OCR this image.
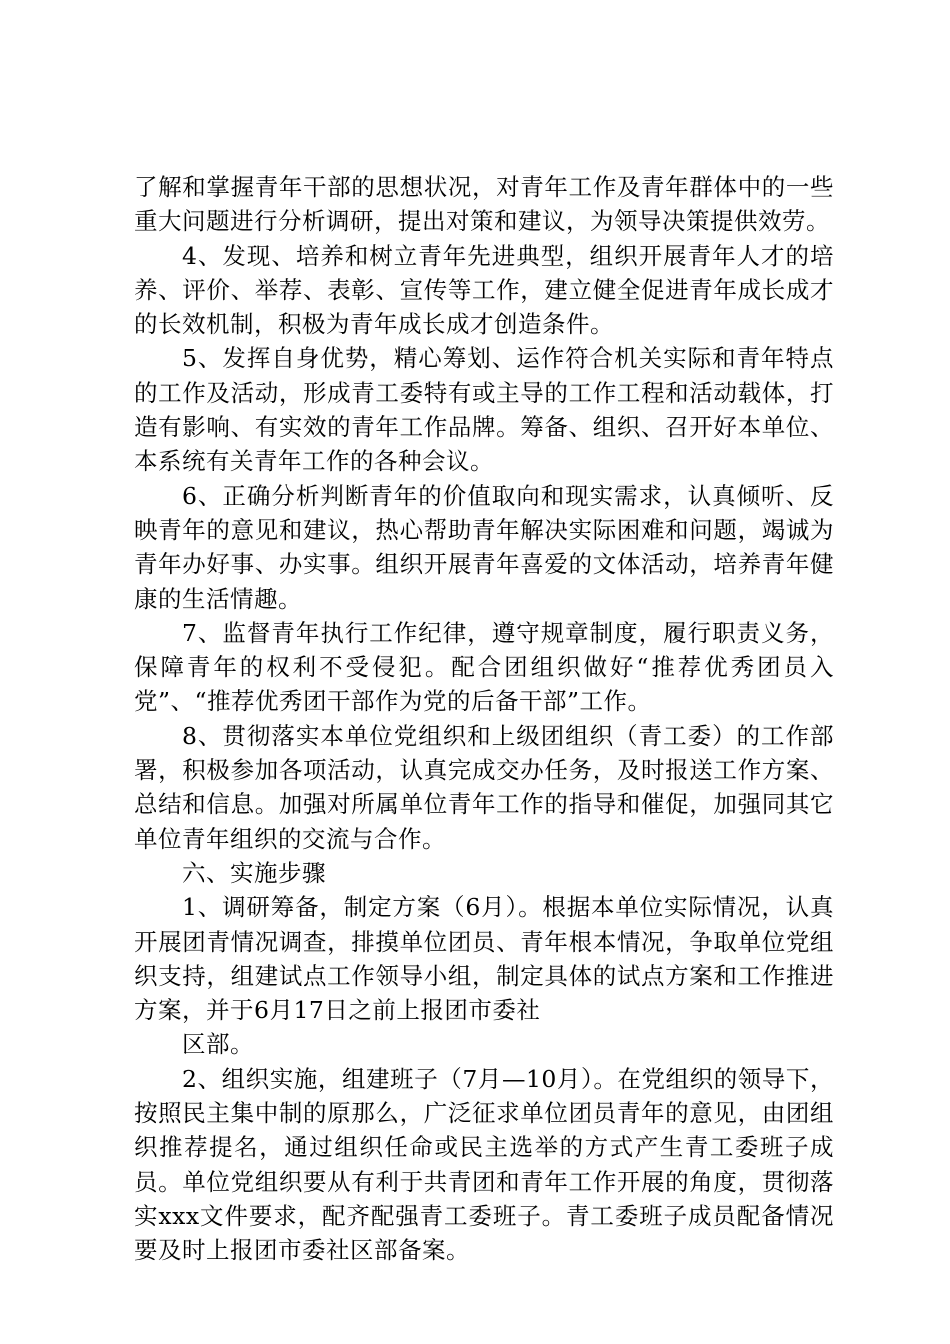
了解和掌握青年干部的思想状况，对青年工作及青年群体中的一些重大问题进行分析调研，提出对策和建议，为领导决策提供效劳。

4、发现、培养和树立青年先进典型，组织开展青年人才的培养、评价、举荐、表彰、宣传等工作，建立健全促进青年成长成才的长效机制，积极为青年成长成才创造条件。

5、发挥自身优势，精心筹划、运作符合机关实际和青年特点的工作及活动，形成青工委特有或主导的工作工程和活动载体，打造有影响、有实效的青年工作品牌。筹备、组织、召开好本单位、本系统有关青年工作的各种会议。

6、正确分析判断青年的价值取向和现实需求，认真倾听、反映青年的意见和建议，热心帮助青年解决实际困难和问题，竭诚为青年办好事、办实事。组织开展青年喜爱的文体活动，培养青年健康的生活情趣。

7、监督青年执行工作纪律，遵守规章制度，履行职责义务，保障青年的权利不受侵犯。配合团组织做好“推荐优秀团员入党”、“推荐优秀团干部作为党的后备干部”工作。

8、贯彻落实本单位党组织和上级团组织（青工委）的工作部署，积极参加各项活动，认真完成交办任务，及时报送工作方案、总结和信息。加强对所属单位青年工作的指导和催促，加强同其它单位青年组织的交流与合作。

六、实施步骤

1、调研筹备，制定方案（6月）。根据本单位实际情况，认真开展团青情况调查，排摸单位团员、青年根本情况，争取单位党组织支持，组建试点工作领导小组，制定具体的试点方案和工作推进方案，并于6月17日之前上报团市委社

区部。

2、组织实施，组建班子（7月—10月）。在党组织的领导下，按照民主集中制的原那么，广泛征求单位团员青年的意见，由团组织推荐提名，通过组织任命或民主选举的方式产生青工委班子成员。单位党组织要从有利于共青团和青年工作开展的角度，贯彻落实xxx文件要求，配齐配强青工委班子。青工委班子成员配备情况要及时上报团市委社区部备案。
